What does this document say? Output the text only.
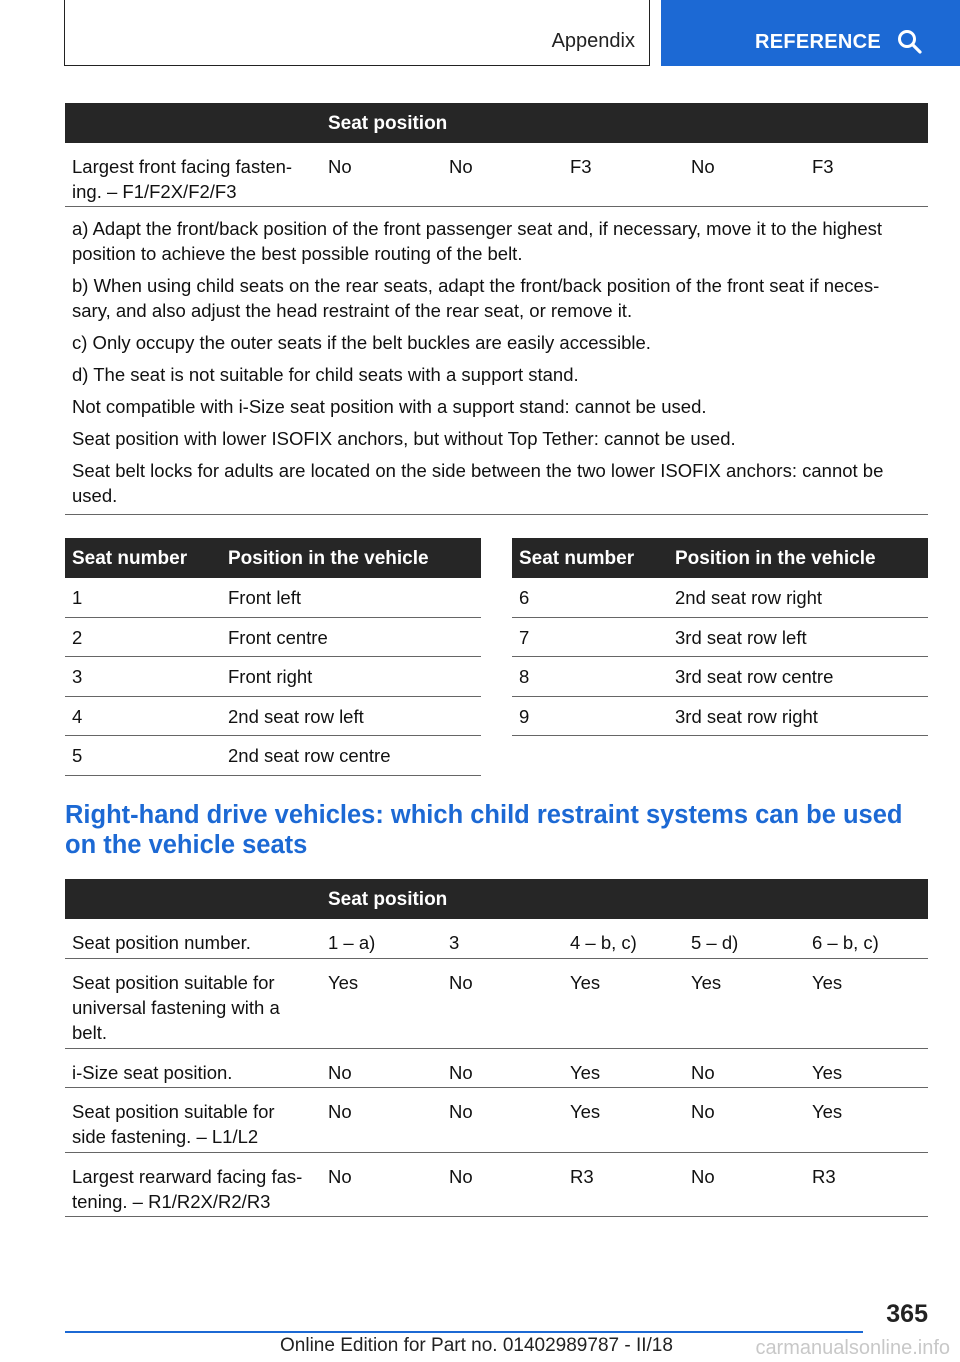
Appendix	REFERENCE
Seat position
Largest front facing fasten-
ing. – F1/F2X/F2/F3
No	No	F3	No	F3

a) Adapt the front/back position of the front passenger seat and, if necessary, move it to the highest position to achieve the best possible routing of the belt.

b) When using child seats on the rear seats, adapt the front/back position of the front seat if neces-sary, and also adjust the head restraint of the rear seat, or remove it.

c) Only occupy the outer seats if the belt buckles are easily accessible.

d) The seat is not suitable for child seats with a support stand.

Not compatible with i-Size seat position with a support stand: cannot be used.

Seat position with lower ISOFIX anchors, but without Top Tether: cannot be used.

Seat belt locks for adults are located on the side between the two lower ISOFIX anchors: cannot be used.

Seat number Position in the vehicle
1	Front left
2	Front centre
3	Front right
4	2nd seat row left
5	2nd seat row centre
Seat number Position in the vehicle
6	2nd seat row right
7	3rd seat row left
8	3rd seat row centre
9	3rd seat row right
Right-hand drive vehicles: which child restraint systems can be used on the vehicle seats
Seat position
Seat position number.	1 – a)	3	4 – b, c)	5 – d)	6 – b, c)
Seat position suitable for
universal fastening with a
belt.
Yes	No	Yes	Yes	Yes
i-Size seat position.	No	No	Yes	No	Yes
Seat position suitable for
side fastening. – L1/L2
No	No	Yes	No	Yes
Largest rearward facing fas-
tening. – R1/R2X/R2/R3
No	No	R3	No	R3
365
Online Edition for Part no. 01402989787 - II/18	carmanualsonline.info
